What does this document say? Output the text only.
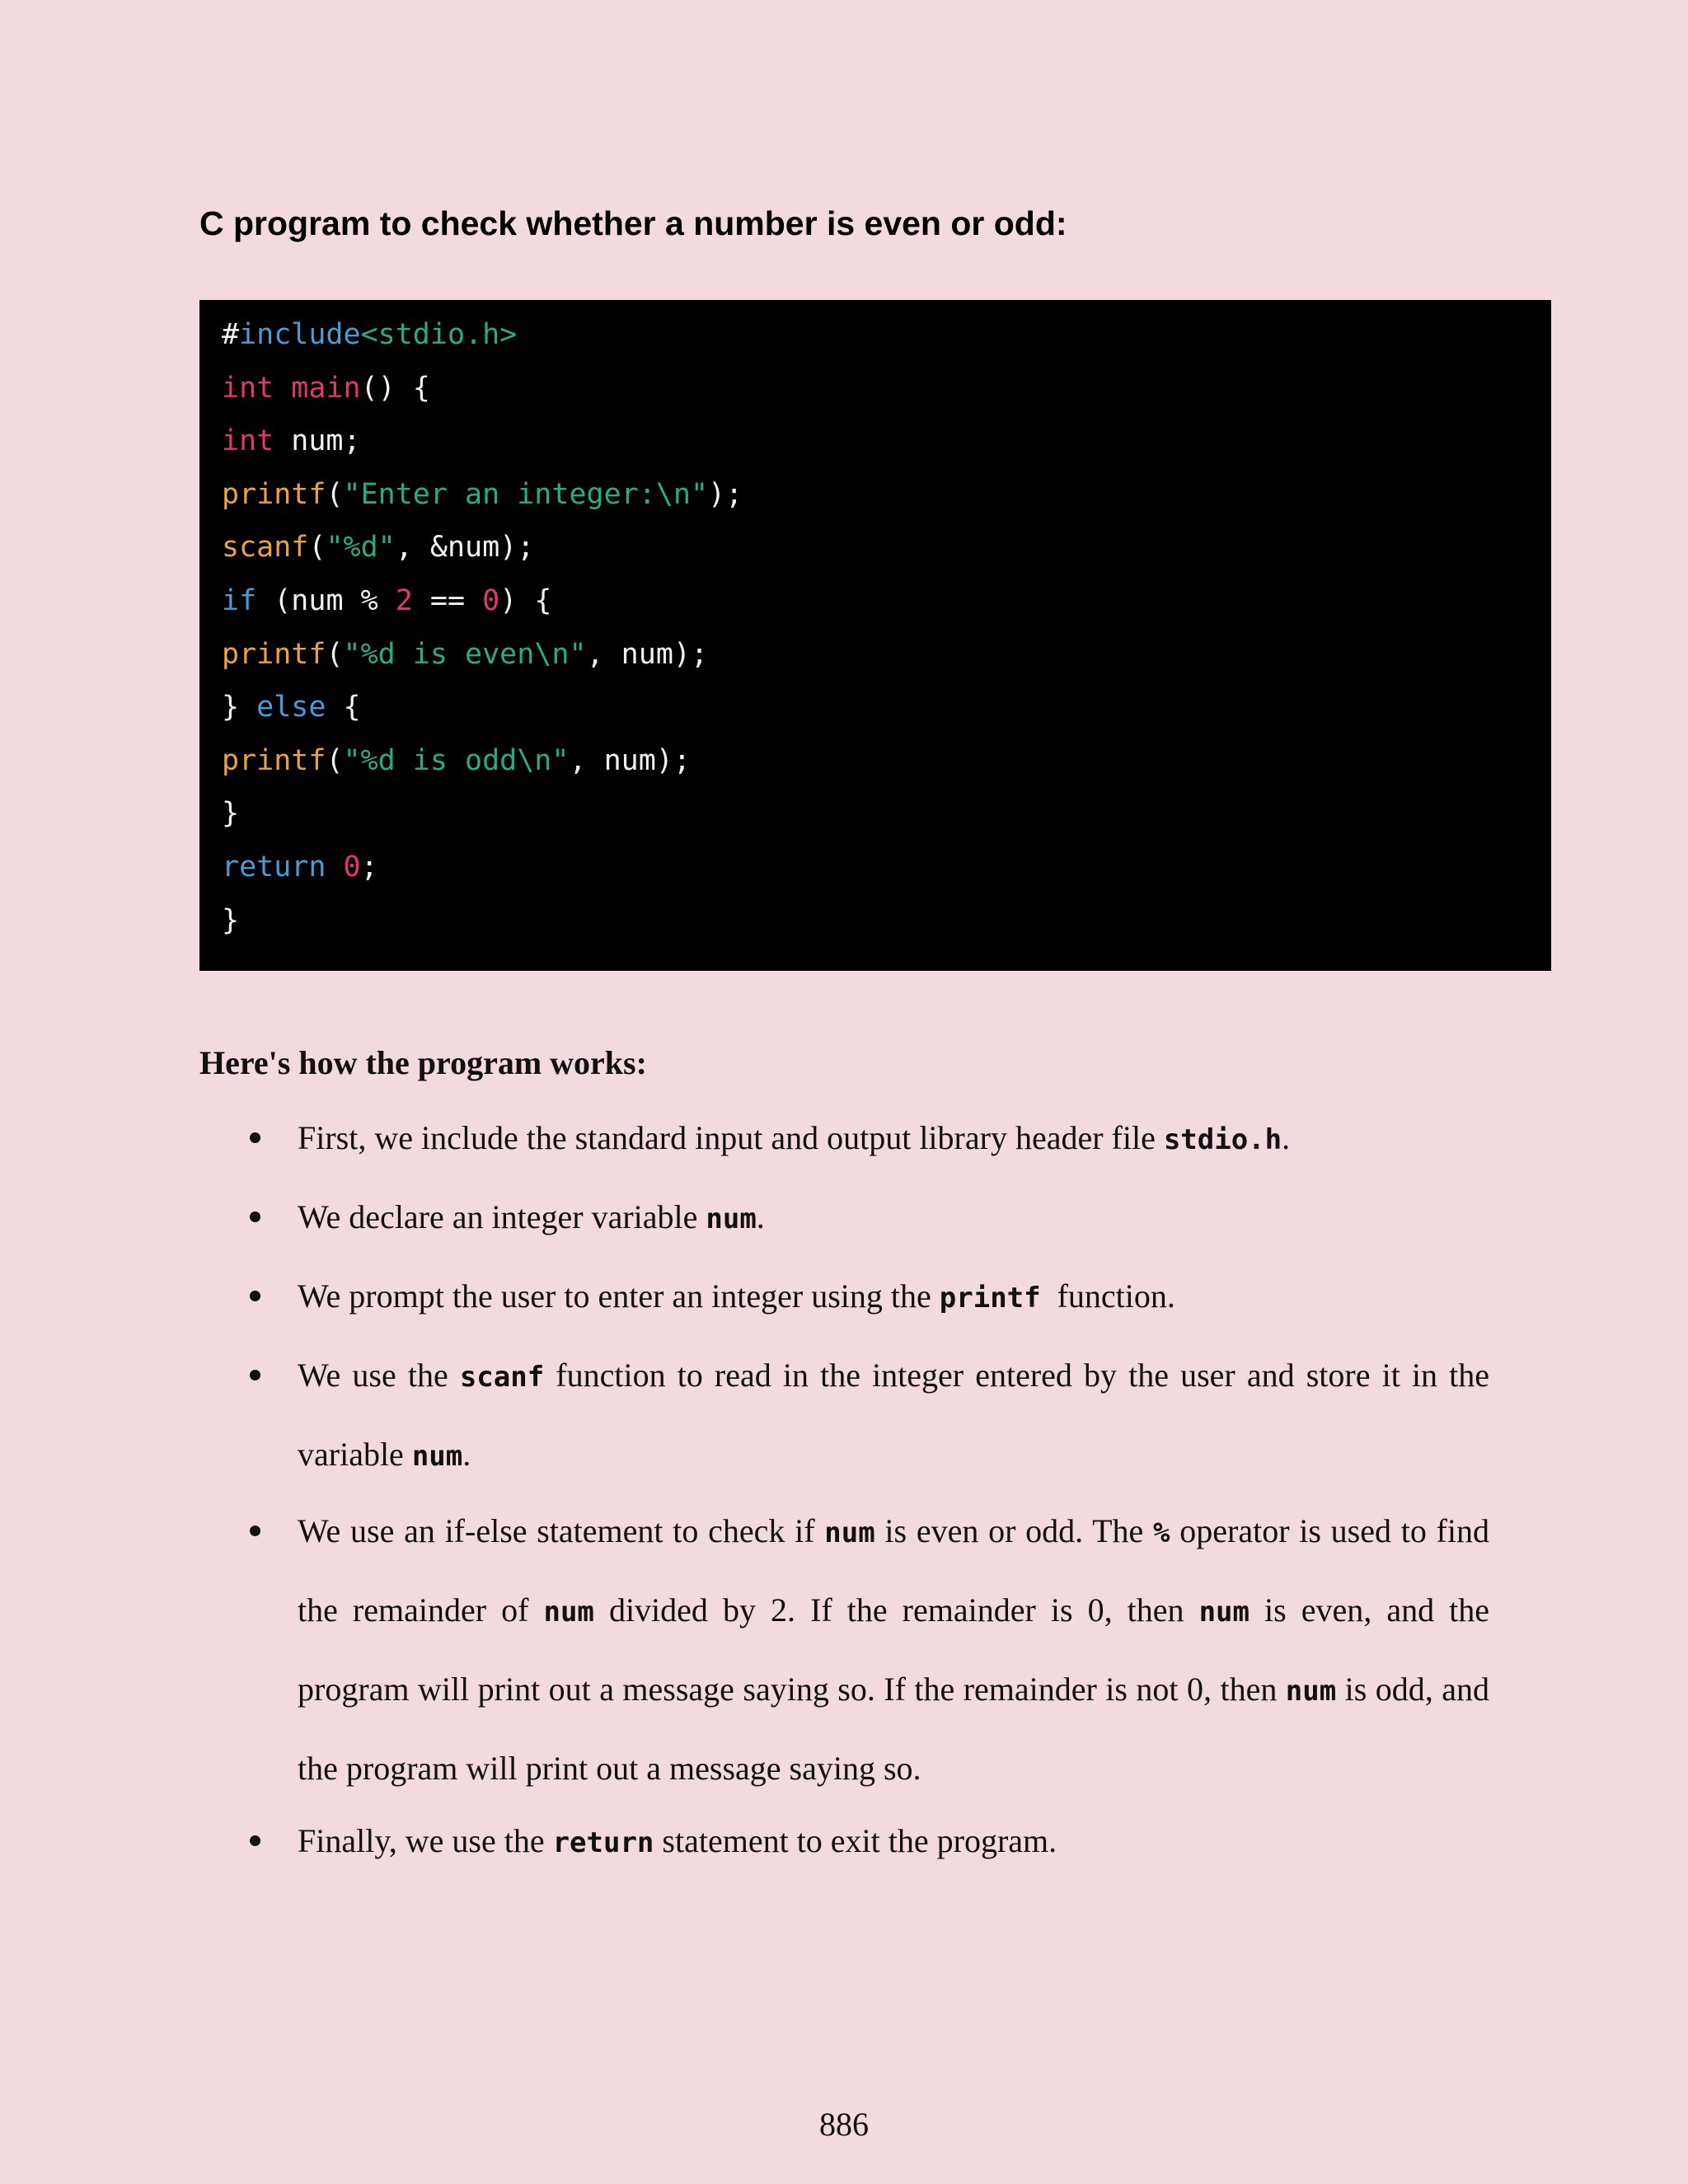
C program to check whether a number is even or odd:
#include<stdio.h>
int main() {
int num;
printf("Enter an integer:\n");
scanf("%d", &num);
if (num % 2 == 0) {
printf("%d is even\n", num);
} else {
printf("%d is odd\n", num);
}
return 0;
}
Here's how the program works:
First, we include the standard input and output library header file stdio.h.
We declare an integer variable num.
We prompt the user to enter an integer using the printf  function.
We use the scanf function to read in the integer entered by the user and store it in the variable num.
We use an if-else statement to check if num is even or odd. The % operator is used to find the remainder of num divided by 2. If the remainder is 0, then num is even, and the program will print out a message saying so. If the remainder is not 0, then num is odd, and the program will print out a message saying so.
Finally, we use the return statement to exit the program.
886
